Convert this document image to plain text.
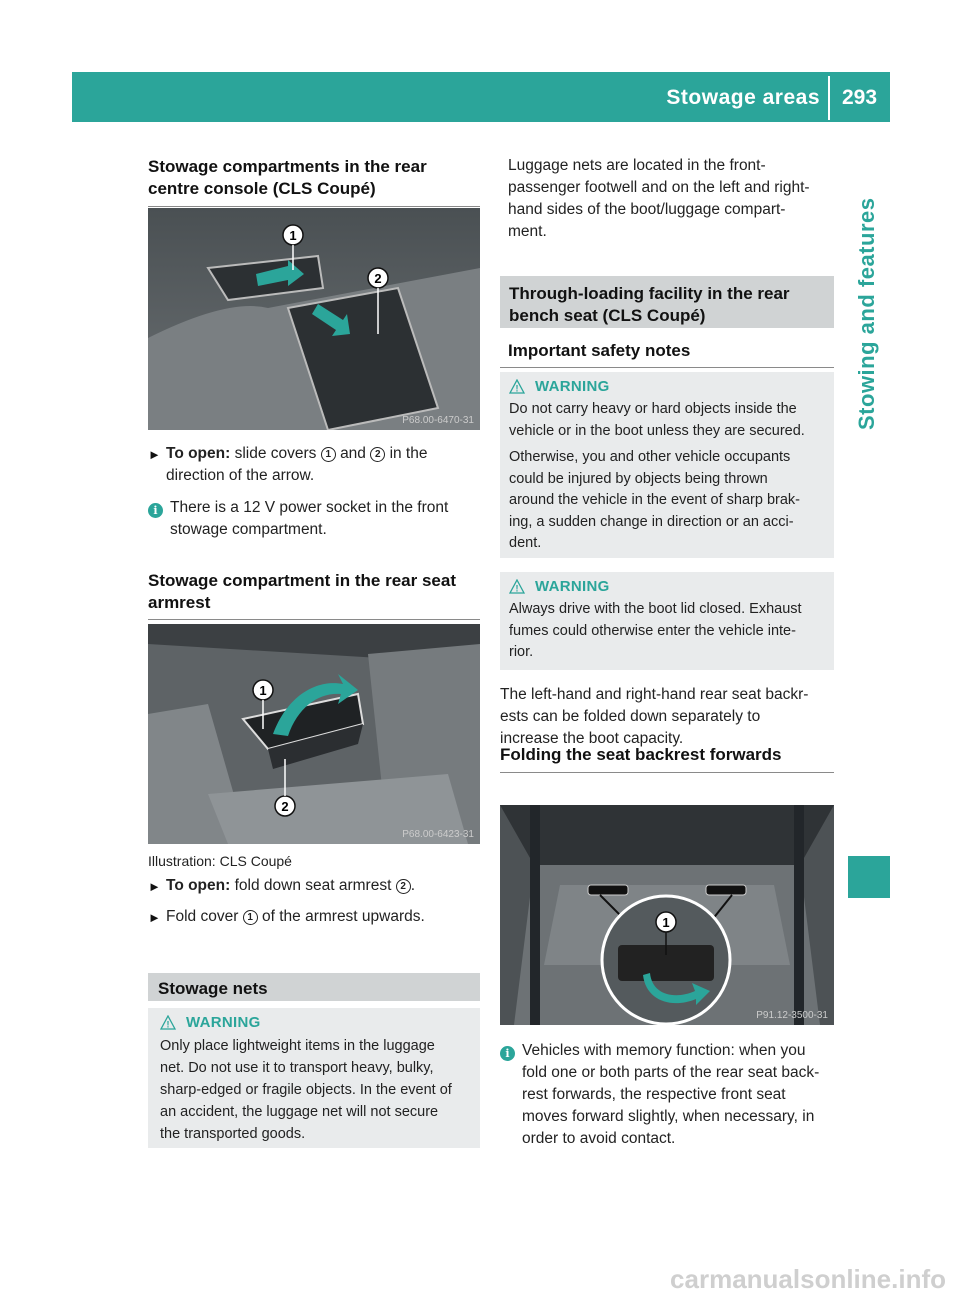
Stowage areas 293
Stowing and features
Stowage compartments in the rear
centre console (CLS Coupé)
1
2
P68.00-6470-31
► To open: slide covers 1 and 2 in the
direction of the arrow.
i There is a 12 V power socket in the front
stowage compartment.
Stowage compartment in the rear seat
armrest
1
2
P68.00-6423-31
Illustration: CLS Coupé
► To open: fold down seat armrest 2 .
► Fold cover 1 of the armrest upwards.
Stowage nets
! WARNING
Only place lightweight items in the luggage
net. Do not use it to transport heavy, bulky,
sharp-edged or fragile objects. In the event of
an accident, the luggage net will not secure
the transported goods.
Luggage nets are located in the front-
passenger footwell and on the left and right-
hand sides of the boot/luggage compart-
ment.
Through-loading facility in the rear
bench seat (CLS Coupé)
Important safety notes
! WARNING
Do not carry heavy or hard objects inside the
vehicle or in the boot unless they are secured.
Otherwise, you and other vehicle occupants
could be injured by objects being thrown
around the vehicle in the event of sharp brak-
ing, a sudden change in direction or an acci-
dent.
! WARNING
Always drive with the boot lid closed. Exhaust
fumes could otherwise enter the vehicle inte-
rior.
The left-hand and right-hand rear seat backr-
ests can be folded down separately to
increase the boot capacity.
Folding the seat backrest forwards
1
P91.12-3500-31
i Vehicles with memory function: when you
fold one or both parts of the rear seat back-
rest forwards, the respective front seat
moves forward slightly, when necessary, in
order to avoid contact.
carmanualsonline.info
